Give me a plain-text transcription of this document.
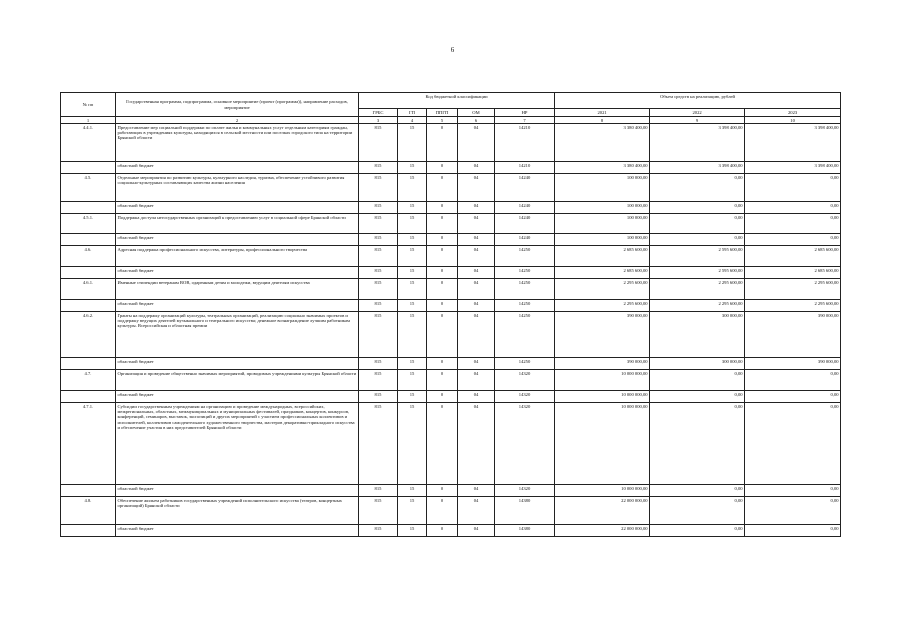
6
№ пп	Государственная программа, подпрограмма, основное мероприятие (проект (программа)), направление расходов, мероприятие	Код бюджетной классификации					Объем средств на реализацию, рублей		
		ГРБС	ГП	ППГП	ОМ	НР	2021	2022	2023
1	2	3	4	5	6	7	8	9	10
4.4.1.	Предоставление мер социальной поддержки по оплате жилья и коммунальных услуг отдельным категориям граждан, работающих в учреждениях культуры, находящихся в сельской местности или поселках городского типа на территории Брянской области	815	15	0	04	14210	3 380 400,00	3 398 400,00	3 398 400,00
	областной бюджет	815	15	0	04	14210	3 380 400,00	3 398 400,00	3 398 400,00
4.5.	Отдельные мероприятия по развитию культуры, культурного наследия, туризма, обеспечение устойчивого развития социально-культурных составляющих качества жизни населения	815	15	0	04	14240	100 000,00	0,00	0,00
	областной бюджет	815	15	0	04	14240	100 000,00	0,00	0,00
4.5.1.	Поддержка доступа негосударственных организаций к предоставлению услуг в социальной сфере Брянской области	815	15	0	04	14240	100 000,00	0,00	0,00
	областной бюджет	815	15	0	04	14240	100 000,00	0,00	0,00
4.6.	Адресная поддержка профессионального искусства, литературы, профессионального творчества	815	15	0	04	14250	2 685 600,00	2 595 600,00	2 685 600,00
	областной бюджет	815	15	0	04	14250	2 685 600,00	2 595 600,00	2 685 600,00
4.6.1.	Именные стипендии ветеранам ВОВ, одаренным детям и молодежи, ведущим деятелям искусства	815	15	0	04	14250	2 295 600,00	2 295 600,00	2 295 600,00
	областной бюджет	815	15	0	04	14250	2 295 600,00	2 295 600,00	2 295 600,00
4.6.2.	Гранты на поддержку организаций культуры, театральных организаций, реализацию социально значимых проектов и поддержку ведущих деятелей музыкального и театрального искусства; денежное вознаграждение лучшим работникам культуры. Всероссийская и областная премии	815	15	0	04	14250	390 000,00	300 000,00	390 000,00
	областной бюджет	815	15	0	04	14250	390 000,00	300 000,00	390 000,00
4.7.	Организация и проведение общественно значимых мероприятий, проводимых учреждениями культуры Брянской области	815	15	0	04	14320	10 000 000,00	0,00	0,00
	областной бюджет	815	15	0	04	14320	10 000 000,00	0,00	0,00
4.7.1.	Субсидии государственным учреждениям на организацию и проведение международных, всероссийских, межрегиональных, областных, межмуниципальных и муниципальных фестивалей, праздников, концертов, конкурсов, конференций, семинаров, выставок, экспозиций и других мероприятий с участием профессиональных коллективов и исполнителей, коллективов самодеятельного художественного творчества, мастеров декоративно-прикладного искусства и обеспечение участия в них представителей Брянской области	815	15	0	04	14320	10 000 000,00	0,00	0,00
	областной бюджет	815	15	0	04	14320	10 000 000,00	0,00	0,00
4.8.	Обеспечение жильем работников государственных учреждений исполнительского искусства (театров, концертных организаций) Брянской области	815	15	0	04	14380	22 000 000,00	0,00	0,00
	областной бюджет	815	15	0	04	14380	22 000 000,00	0,00	0,00
